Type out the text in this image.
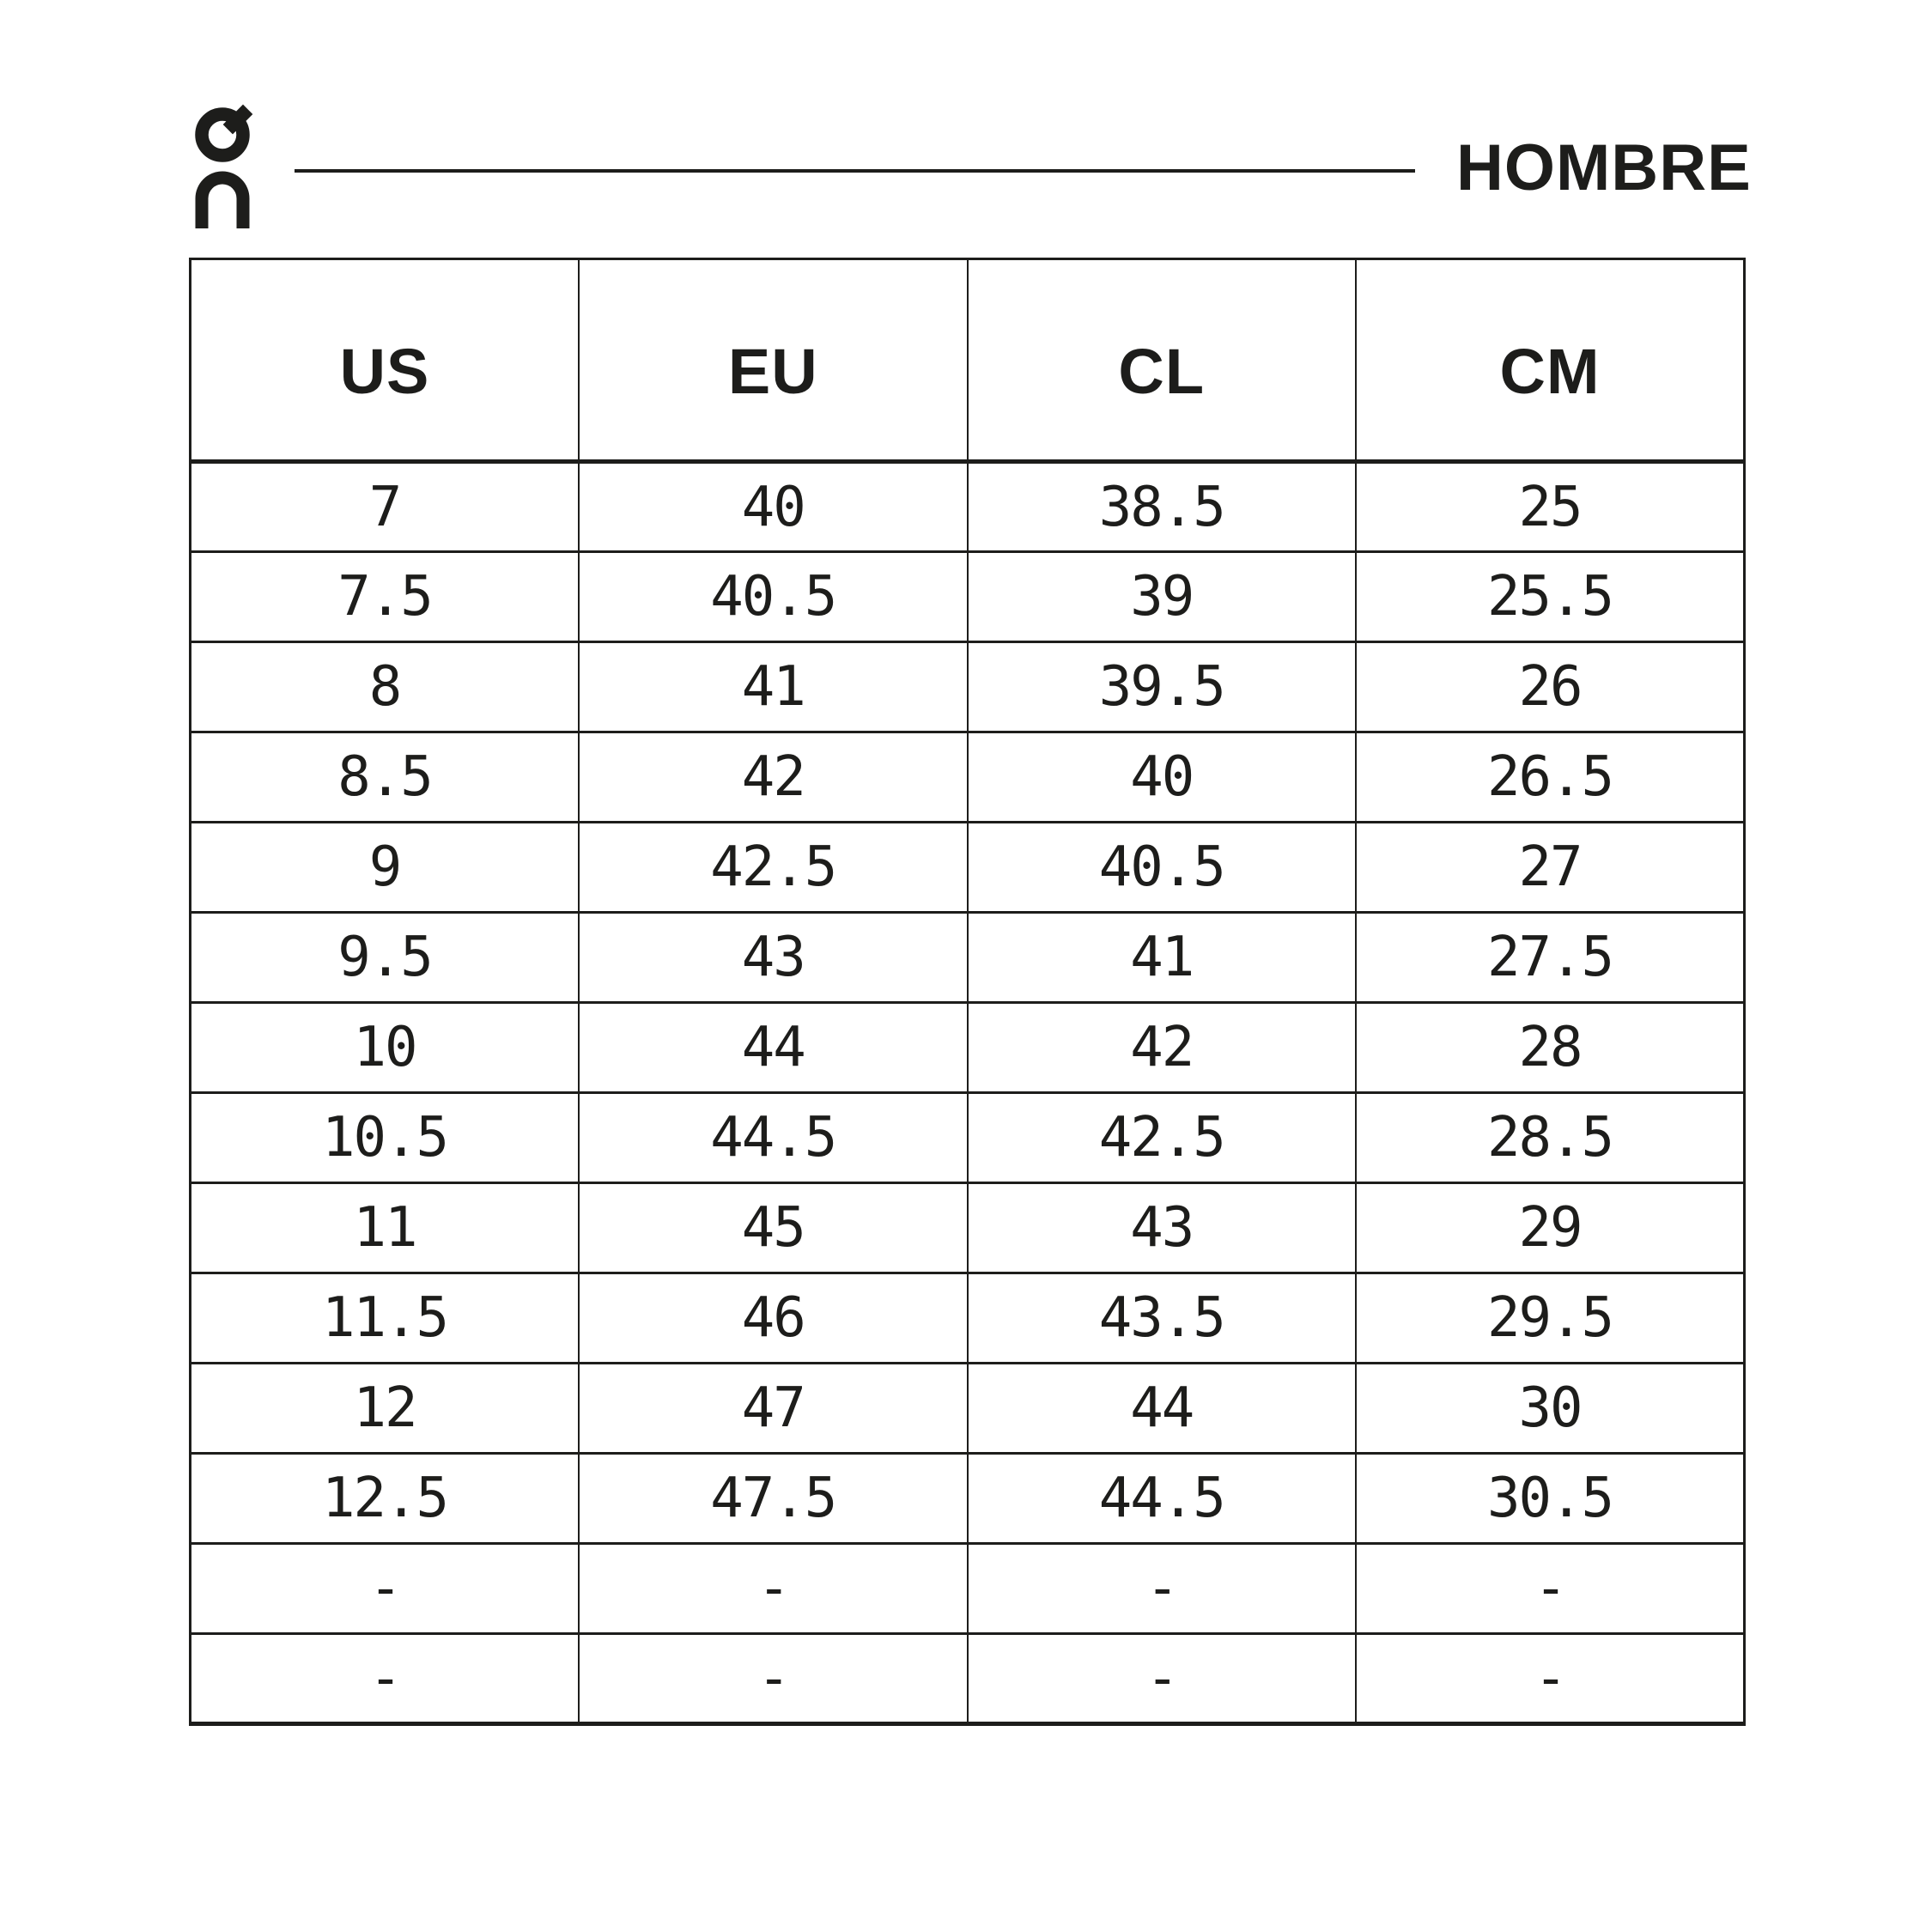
HOMBRE
US	EU	CL	CM
7	40	38.5	25
7.5	40.5	39	25.5
8	41	39.5	26
8.5	42	40	26.5
9	42.5	40.5	27
9.5	43	41	27.5
10	44	42	28
10.5	44.5	42.5	28.5
11	45	43	29
11.5	46	43.5	29.5
12	47	44	30
12.5	47.5	44.5	30.5
-	-	-	-
-	-	-	-
